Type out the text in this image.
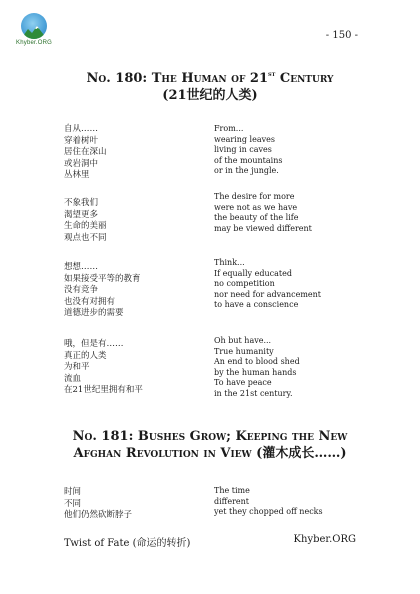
Khyber.ORG
- 150 -
No. 180: The Human of 21st Century
(21世纪的人类)
自从……
穿着树叶
居住在深山
或岩洞中
丛林里
From...
wearing leaves
living in caves
of the mountains
or in the jungle.
不象我们
渴望更多
生命的美丽
观点也不同
The desire for more
were not as we have
the beauty of the life
may be viewed different
想想……
如果接受平等的教育
没有竞争
也没有对拥有
道德进步的需要
Think...
If equally educated
no competition
nor need for advancement
to have a conscience
哦，但是有……
真正的人类
为和平
流血
在21世纪里拥有和平
Oh but have...
True humanity
An end to blood shed
by the human hands
To have peace
in the 21st century.
No. 181: Bushes Grow; Keeping the New
Afghan Revolution in View (灌木成长……)
时间
不同
他们仍然砍断脖子
The time
different
yet they chopped off necks
Twist of Fate (命运的转折)	Khyber.ORG
